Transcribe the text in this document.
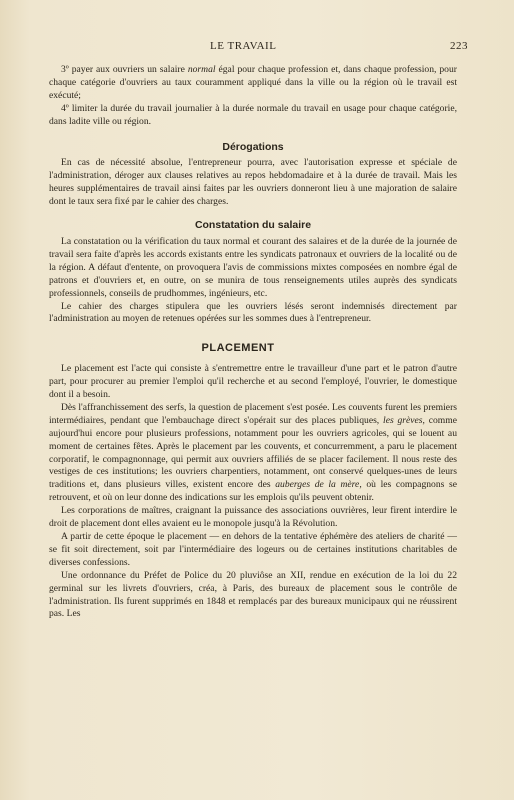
LE TRAVAIL	223

3º payer aux ouvriers un salaire normal égal pour chaque profession et, dans chaque profession, pour chaque catégorie d'ouvriers au taux couramment appliqué dans la ville ou la région où le travail est exécuté;

4º limiter la durée du travail journalier à la durée normale du travail en usage pour chaque catégorie, dans ladite ville ou région.

Dérogations

En cas de nécessité absolue, l'entrepreneur pourra, avec l'autorisation expresse et spéciale de l'administration, déroger aux clauses relatives au repos hebdomadaire et à la durée de travail. Mais les heures supplémentaires de travail ainsi faites par les ouvriers donneront lieu à une majoration de salaire dont le taux sera fixé par le cahier des charges.

Constatation du salaire

La constatation ou la vérification du taux normal et courant des salaires et de la durée de la journée de travail sera faite d'après les accords existants entre les syndicats patronaux et ouvriers de la localité ou de la région. A défaut d'entente, on provoquera l'avis de commissions mixtes composées en nombre égal de patrons et d'ouvriers et, en outre, on se munira de tous renseignements utiles auprès des syndicats professionnels, conseils de prudhommes, ingénieurs, etc.

Le cahier des charges stipulera que les ouvriers lésés seront indemnisés directement par l'administration au moyen de retenues opérées sur les sommes dues à l'entrepreneur.

PLACEMENT

Le placement est l'acte qui consiste à s'entremettre entre le travailleur d'une part et le patron d'autre part, pour procurer au premier l'emploi qu'il recherche et au second l'employé, l'ouvrier, le domestique dont il a besoin.

Dès l'affranchissement des serfs, la question de placement s'est posée. Les couvents furent les premiers intermédiaires, pendant que l'embauchage direct s'opérait sur des places publiques, les grèves, comme aujourd'hui encore pour plusieurs professions, notamment pour les ouvriers agricoles, qui se louent au moment de certaines fêtes. Après le placement par les couvents, et concurremment, a paru le placement corporatif, le compagnonnage, qui permit aux ouvriers affiliés de se placer facilement. Il nous reste des vestiges de ces institutions; les ouvriers charpentiers, notamment, ont conservé quelques-unes de leurs traditions et, dans plusieurs villes, existent encore des auberges de la mère, où les compagnons se retrouvent, et où on leur donne des indications sur les emplois qu'ils peuvent obtenir.

Les corporations de maîtres, craignant la puissance des associations ouvrières, leur firent interdire le droit de placement dont elles avaient eu le monopole jusqu'à la Révolution.

A partir de cette époque le placement — en dehors de la tentative éphémère des ateliers de charité — se fit soit directement, soit par l'intermédiaire des logeurs ou de certaines institutions charitables de diverses confessions.

Une ordonnance du Préfet de Police du 20 pluviôse an XII, rendue en exécution de la loi du 22 germinal sur les livrets d'ouvriers, créa, à Paris, des bureaux de placement sous le contrôle de l'administration. Ils furent supprimés en 1848 et remplacés par des bureaux municipaux qui ne réussirent pas. Les
